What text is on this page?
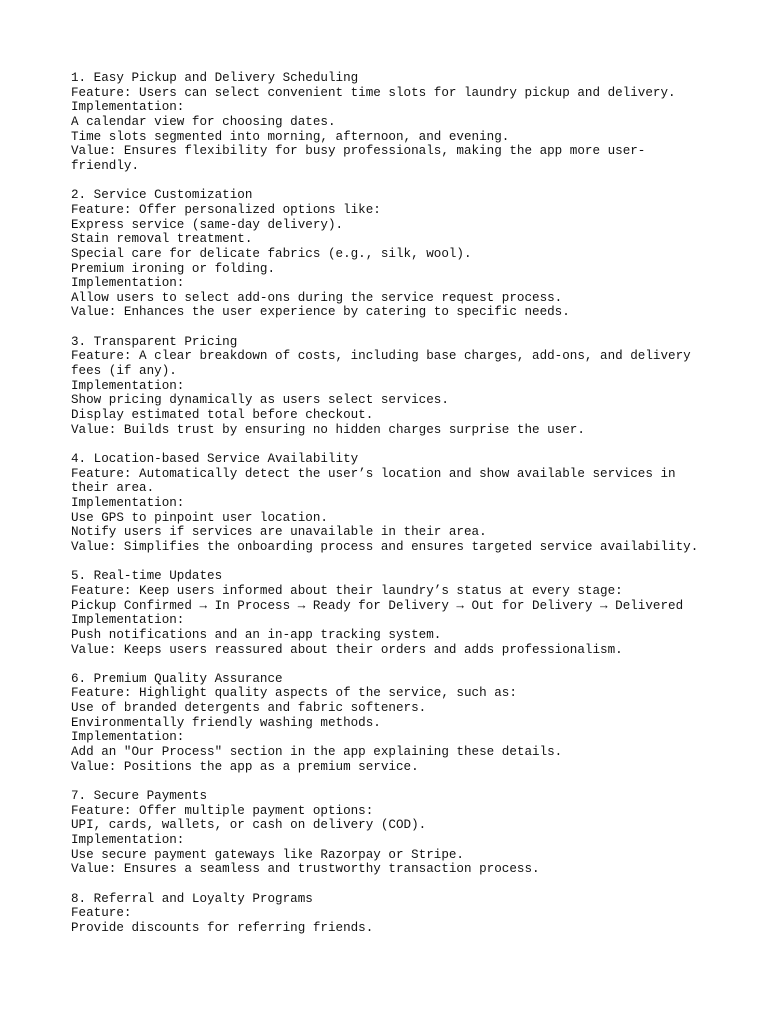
1. Easy Pickup and Delivery Scheduling
Feature: Users can select convenient time slots for laundry pickup and delivery.
Implementation:
A calendar view for choosing dates.
Time slots segmented into morning, afternoon, and evening.
Value: Ensures flexibility for busy professionals, making the app more user-
friendly.
2. Service Customization
Feature: Offer personalized options like:
Express service (same-day delivery).
Stain removal treatment.
Special care for delicate fabrics (e.g., silk, wool).
Premium ironing or folding.
Implementation:
Allow users to select add-ons during the service request process.
Value: Enhances the user experience by catering to specific needs.
3. Transparent Pricing
Feature: A clear breakdown of costs, including base charges, add-ons, and delivery
fees (if any).
Implementation:
Show pricing dynamically as users select services.
Display estimated total before checkout.
Value: Builds trust by ensuring no hidden charges surprise the user.
4. Location-based Service Availability
Feature: Automatically detect the user’s location and show available services in
their area.
Implementation:
Use GPS to pinpoint user location.
Notify users if services are unavailable in their area.
Value: Simplifies the onboarding process and ensures targeted service availability.
5. Real-time Updates
Feature: Keep users informed about their laundry’s status at every stage:
Pickup Confirmed → In Process → Ready for Delivery → Out for Delivery → Delivered
Implementation:
Push notifications and an in-app tracking system.
Value: Keeps users reassured about their orders and adds professionalism.
6. Premium Quality Assurance
Feature: Highlight quality aspects of the service, such as:
Use of branded detergents and fabric softeners.
Environmentally friendly washing methods.
Implementation:
Add an "Our Process" section in the app explaining these details.
Value: Positions the app as a premium service.
7. Secure Payments
Feature: Offer multiple payment options:
UPI, cards, wallets, or cash on delivery (COD).
Implementation:
Use secure payment gateways like Razorpay or Stripe.
Value: Ensures a seamless and trustworthy transaction process.
8. Referral and Loyalty Programs
Feature:
Provide discounts for referring friends.
